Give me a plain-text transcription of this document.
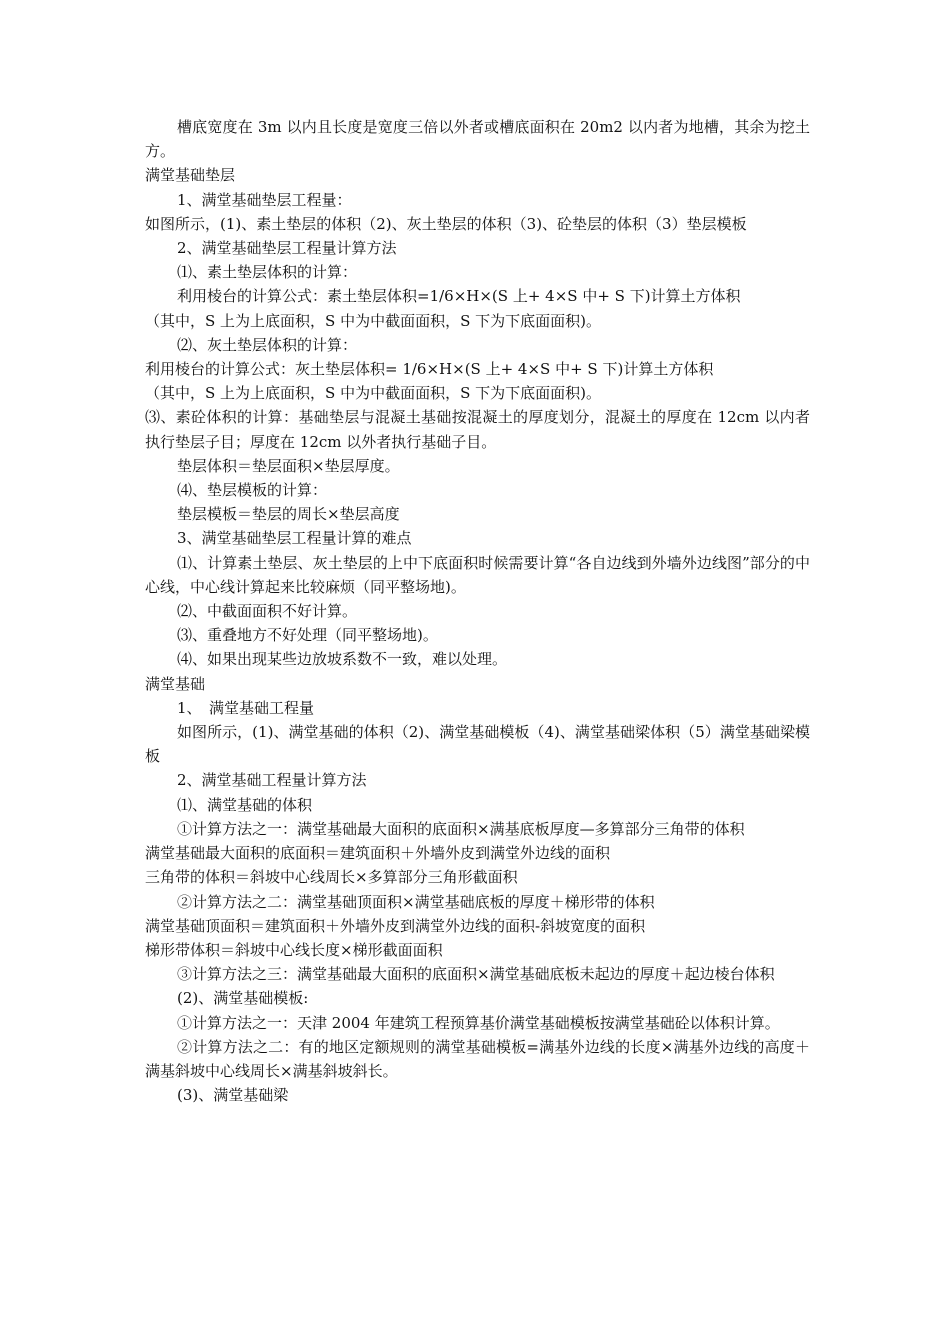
槽底宽度在 3m 以内且长度是宽度三倍以外者或槽底面积在 20m2 以内者为地槽，其余为挖土方。

满堂基础垫层

1、满堂基础垫层工程量：

如图所示，(1)、素土垫层的体积（2)、灰土垫层的体积（3)、砼垫层的体积（3）垫层模板

2、满堂基础垫层工程量计算方法

⑴、素土垫层体积的计算：

利用棱台的计算公式：素土垫层体积=1/6×H×(S 上+ 4×S 中+ S 下)计算土方体积

（其中，S 上为上底面积，S 中为中截面面积，S 下为下底面面积)。

⑵、灰土垫层体积的计算：

利用棱台的计算公式：灰土垫层体积= 1/6×H×(S 上+ 4×S 中+ S 下)计算土方体积

（其中，S 上为上底面积，S 中为中截面面积，S 下为下底面面积)。

⑶、素砼体积的计算：基础垫层与混凝土基础按混凝土的厚度划分，混凝土的厚度在 12cm 以内者执行垫层子目；厚度在 12cm 以外者执行基础子目。

垫层体积＝垫层面积×垫层厚度。

⑷、垫层模板的计算：

垫层模板＝垫层的周长×垫层高度

3、满堂基础垫层工程量计算的难点

⑴、计算素土垫层、灰土垫层的上中下底面积时候需要计算“各自边线到外墙外边线图”部分的中心线，中心线计算起来比较麻烦（同平整场地)。

⑵、中截面面积不好计算。

⑶、重叠地方不好处理（同平整场地)。

⑷、如果出现某些边放坡系数不一致，难以处理。

满堂基础

1、　满堂基础工程量

如图所示，(1)、满堂基础的体积（2)、满堂基础模板（4)、满堂基础梁体积（5）满堂基础梁模板

2、满堂基础工程量计算方法

⑴、满堂基础的体积

①计算方法之一：满堂基础最大面积的底面积×满基底板厚度—多算部分三角带的体积

满堂基础最大面积的底面积＝建筑面积＋外墙外皮到满堂外边线的面积

三角带的体积＝斜坡中心线周长×多算部分三角形截面积

②计算方法之二：满堂基础顶面积×满堂基础底板的厚度＋梯形带的体积

满堂基础顶面积＝建筑面积＋外墙外皮到满堂外边线的面积-斜坡宽度的面积

梯形带体积＝斜坡中心线长度×梯形截面面积

③计算方法之三：满堂基础最大面积的底面积×满堂基础底板未起边的厚度＋起边棱台体积

(2)、满堂基础模板:

①计算方法之一：天津 2004 年建筑工程预算基价满堂基础模板按满堂基础砼以体积计算。

②计算方法之二：有的地区定额规则的满堂基础模板=满基外边线的长度×满基外边线的高度＋满基斜坡中心线周长×满基斜坡斜长。

(3)、满堂基础梁
